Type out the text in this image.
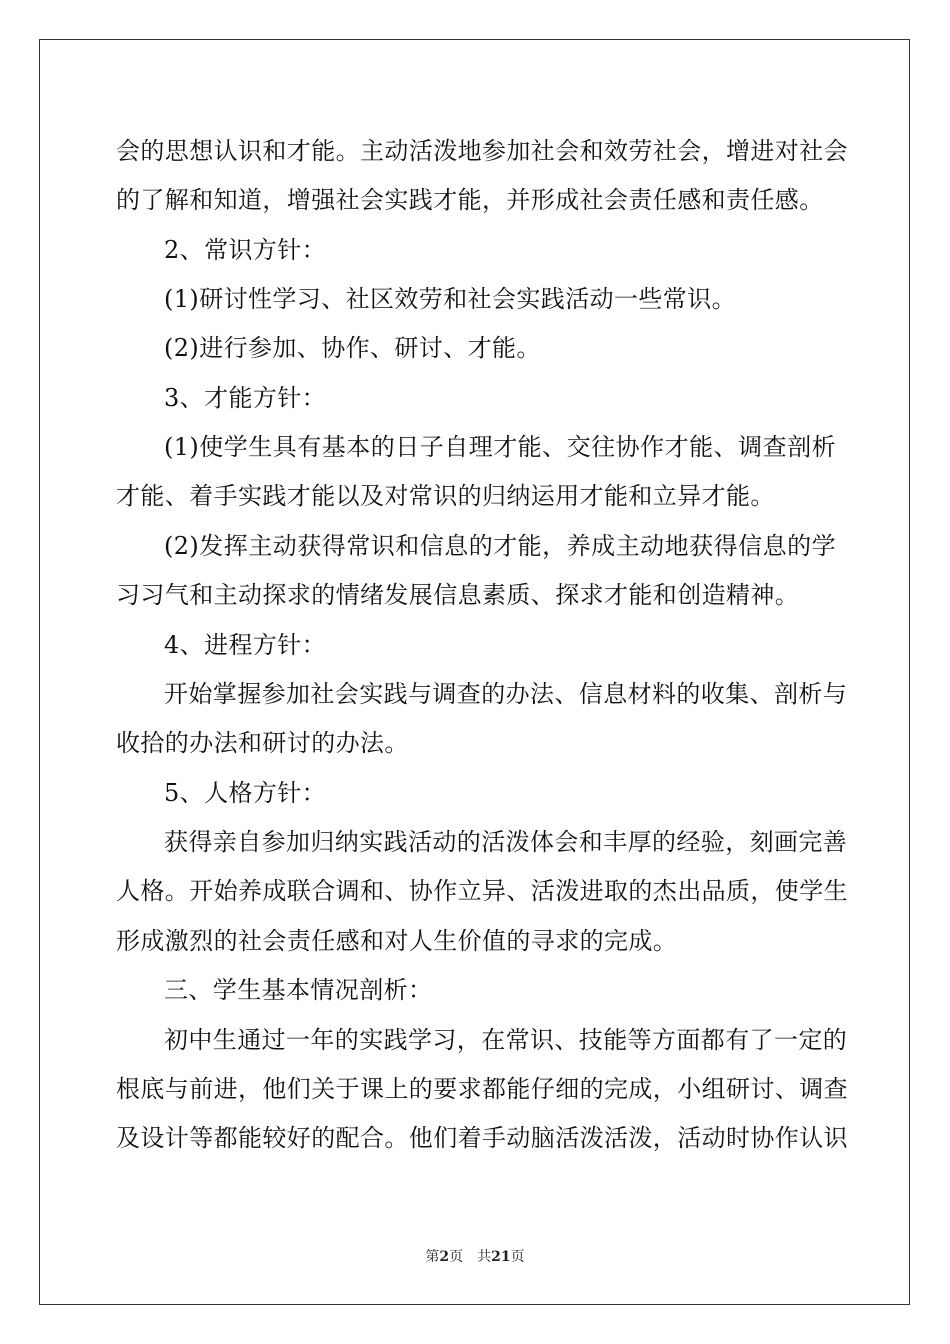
会的思想认识和才能。主动活泼地参加社会和效劳社会，增进对社会
的了解和知道，增强社会实践才能，并形成社会责任感和责任感。
2、常识方针：
(1)研讨性学习、社区效劳和社会实践活动一些常识。
(2)进行参加、协作、研讨、才能。
3、才能方针：
(1)使学生具有基本的日子自理才能、交往协作才能、调查剖析
才能、着手实践才能以及对常识的归纳运用才能和立异才能。
(2)发挥主动获得常识和信息的才能，养成主动地获得信息的学
习习气和主动探求的情绪发展信息素质、探求才能和创造精神。
4、进程方针：
开始掌握参加社会实践与调查的办法、信息材料的收集、剖析与
收拾的办法和研讨的办法。
5、人格方针：
获得亲自参加归纳实践活动的活泼体会和丰厚的经验，刻画完善
人格。开始养成联合调和、协作立异、活泼进取的杰出品质，使学生
形成激烈的社会责任感和对人生价值的寻求的完成。
三、学生基本情况剖析：
初中生通过一年的实践学习，在常识、技能等方面都有了一定的
根底与前进，他们关于课上的要求都能仔细的完成，小组研讨、调查
及设计等都能较好的配合。他们着手动脑活泼活泼，活动时协作认识
第2页 共21页
